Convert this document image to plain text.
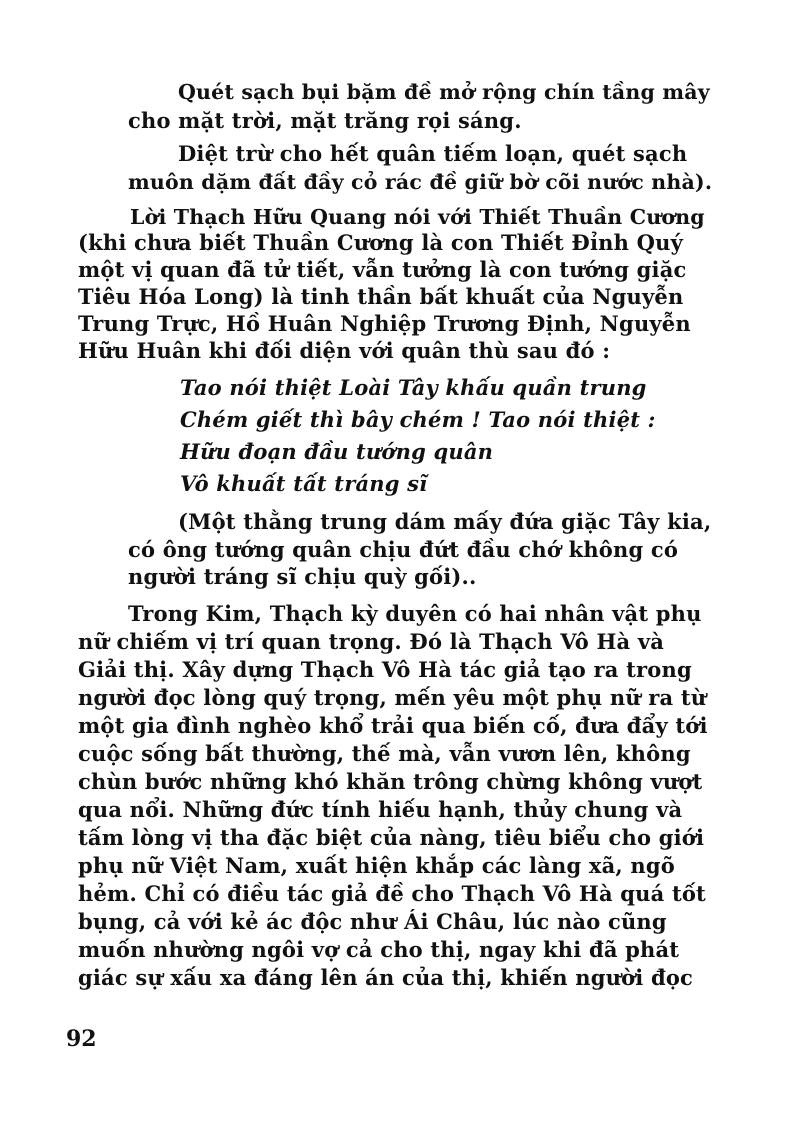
Quét sạch bụi bặm đề mở rộng chín tầng mây
cho mặt trời, mặt trăng rọi sáng.
Diệt trừ cho hết quân tiếm loạn, quét sạch
muôn dặm đất đầy cỏ rác đề giữ bờ cõi nước nhà).
Lời Thạch Hữu Quang nói với Thiết Thuần Cương
(khi chưa biết Thuần Cương là con Thiết Đỉnh Quý
một vị quan đã tử tiết, vẫn tưởng là con tướng giặc
Tiêu Hóa Long) là tinh thần bất khuất của Nguyễn
Trung Trực, Hồ Huân Nghiệp Trương Định, Nguyễn
Hữu Huân khi đối diện với quân thù sau đó :
Tao nói thiệt Loài Tây khấu quần trung
Chém giết thì bây chém ! Tao nói thiệt :
Hữu đoạn đầu tướng quân
Vô khuất tất tráng sĩ
(Một thằng trung dám mấy đứa giặc Tây kia,
có ông tướng quân chịu đứt đầu chớ không có
người tráng sĩ chịu quỳ gối)..
Trong Kim, Thạch kỳ duyên có hai nhân vật phụ
nữ chiếm vị trí quan trọng. Đó là Thạch Vô Hà và
Giải thị. Xây dựng Thạch Vô Hà tác giả tạo ra trong
người đọc lòng quý trọng, mến yêu một phụ nữ ra từ
một gia đình nghèo khổ trải qua biến cố, đưa đẩy tới
cuộc sống bất thường, thế mà, vẫn vươn lên, không
chùn bước những khó khăn trông chừng không vượt
qua nổi. Những đức tính hiếu hạnh, thủy chung và
tấm lòng vị tha đặc biệt của nàng, tiêu biểu cho giới
phụ nữ Việt Nam, xuất hiện khắp các làng xã, ngõ
hẻm. Chỉ có điều tác giả đề cho Thạch Vô Hà quá tốt
bụng, cả với kẻ ác độc như Ái Châu, lúc nào cũng
muốn nhường ngôi vợ cả cho thị, ngay khi đã phát
giác sự xấu xa đáng lên án của thị, khiến người đọc
92
